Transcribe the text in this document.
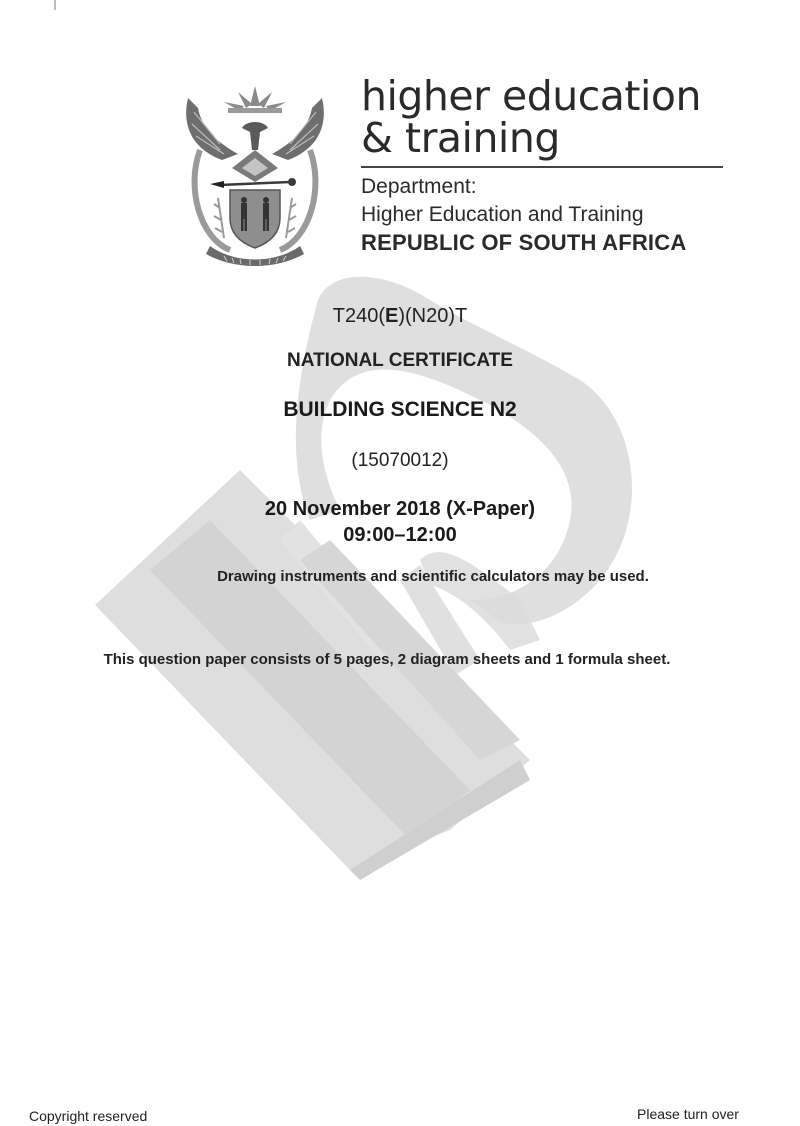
higher education
& training
Department:
Higher Education and Training
REPUBLIC OF SOUTH AFRICA
T240(E)(N20)T
NATIONAL CERTIFICATE
BUILDING SCIENCE N2
(15070012)
20 November 2018 (X-Paper)
09:00–12:00
Drawing instruments and scientific calculators may be used.
This question paper consists of 5 pages, 2 diagram sheets and 1 formula sheet.
Copyright reserved	Please turn over
